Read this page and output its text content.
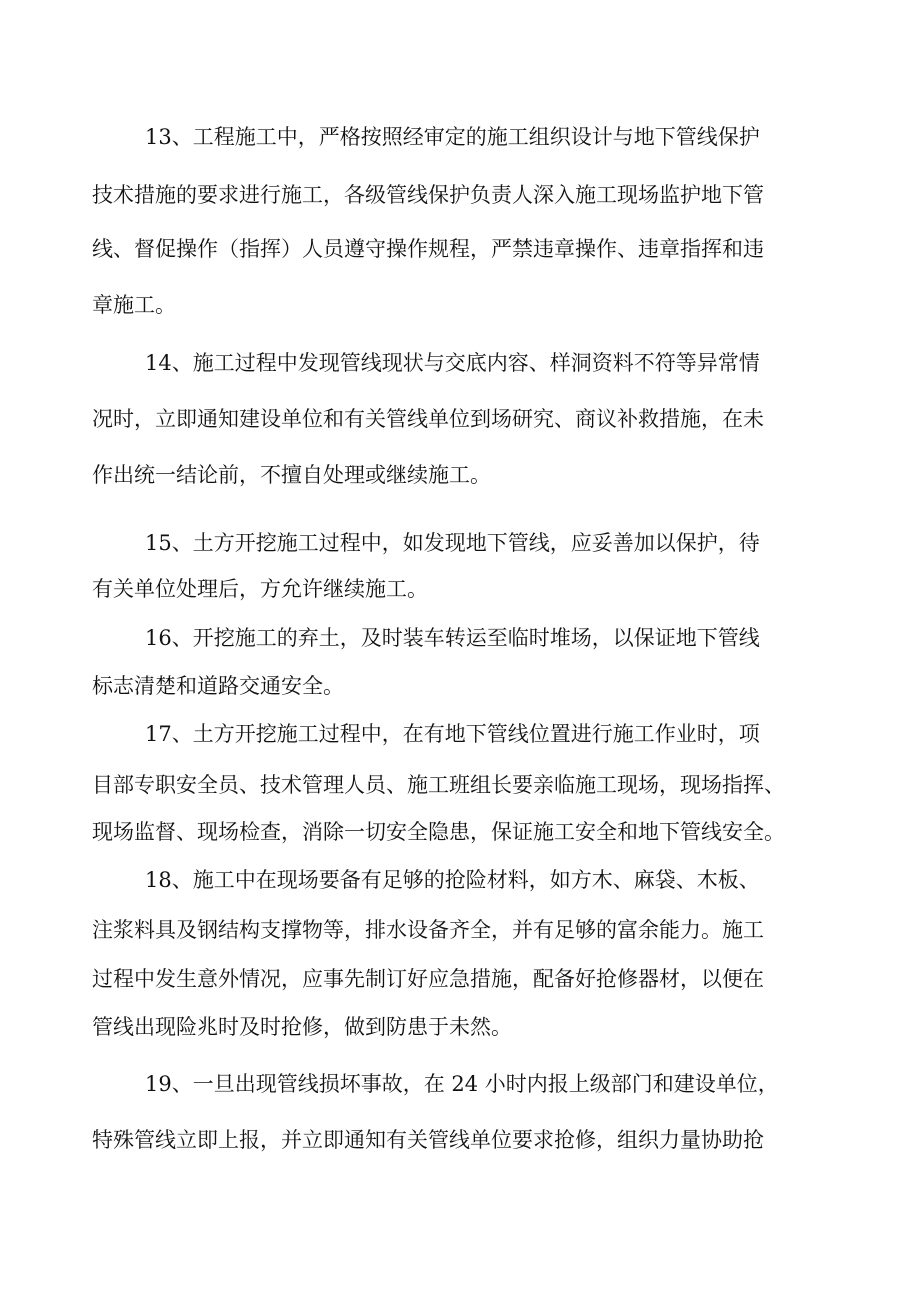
13、工程施工中，严格按照经审定的施工组织设计与地下管线保护
技术措施的要求进行施工，各级管线保护负责人深入施工现场监护地下管
线、督促操作（指挥）人员遵守操作规程，严禁违章操作、违章指挥和违
章施工。
14、施工过程中发现管线现状与交底内容、样洞资料不符等异常情
况时，立即通知建设单位和有关管线单位到场研究、商议补救措施，在未
作出统一结论前，不擅自处理或继续施工。
15、土方开挖施工过程中，如发现地下管线，应妥善加以保护，待
有关单位处理后，方允许继续施工。
16、开挖施工的弃土，及时装车转运至临时堆场，以保证地下管线
标志清楚和道路交通安全。
17、土方开挖施工过程中，在有地下管线位置进行施工作业时，项
目部专职安全员、技术管理人员、施工班组长要亲临施工现场，现场指挥、
现场监督、现场检查，消除一切安全隐患，保证施工安全和地下管线安全。
18、施工中在现场要备有足够的抢险材料，如方木、麻袋、木板、
注浆料具及钢结构支撑物等，排水设备齐全，并有足够的富余能力。施工
过程中发生意外情况，应事先制订好应急措施，配备好抢修器材，以便在
管线出现险兆时及时抢修，做到防患于未然。
19、一旦出现管线损坏事故，在 24 小时内报上级部门和建设单位，
特殊管线立即上报，并立即通知有关管线单位要求抢修，组织力量协助抢
